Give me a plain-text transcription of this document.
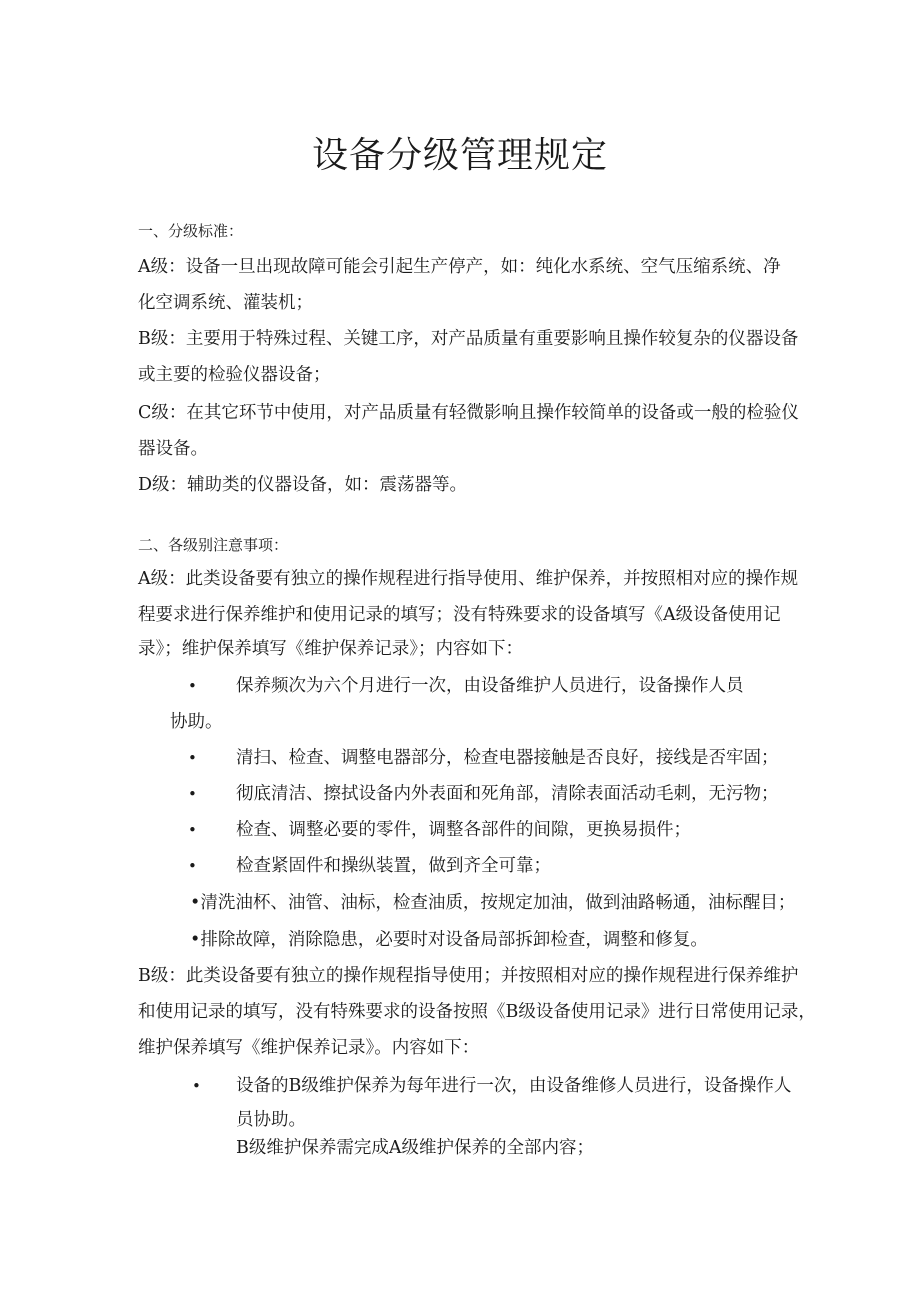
设备分级管理规定
一、分级标准：
A级：设备一旦出现故障可能会引起生产停产，如：纯化水系统、空气压缩系统、净
化空调系统、灌装机；
B级：主要用于特殊过程、关键工序，对产品质量有重要影响且操作较复杂的仪器设备
或主要的检验仪器设备；
C级：在其它环节中使用，对产品质量有轻微影响且操作较简单的设备或一般的检验仪
器设备。
D级：辅助类的仪器设备，如：震荡器等。
二、各级别注意事项：
A级：此类设备要有独立的操作规程进行指导使用、维护保养，并按照相对应的操作规
程要求进行保养维护和使用记录的填写；没有特殊要求的设备填写《A级设备使用记
录》；维护保养填写《维护保养记录》；内容如下：
• 保养频次为六个月进行一次，由设备维护人员进行，设备操作人员
协助。
• 清扫、检查、调整电器部分，检查电器接触是否良好，接线是否牢固；
• 彻底清洁、擦拭设备内外表面和死角部，清除表面活动毛刺，无污物；
• 检查、调整必要的零件，调整各部件的间隙，更换易损件；
• 检查紧固件和操纵装置，做到齐全可靠；
•清洗油杯、油管、油标，检查油质，按规定加油，做到油路畅通，油标醒目；
•排除故障，消除隐患，必要时对设备局部拆卸检查，调整和修复。
B级：此类设备要有独立的操作规程指导使用；并按照相对应的操作规程进行保养维护
和使用记录的填写，没有特殊要求的设备按照《B级设备使用记录》进行日常使用记录，
维护保养填写《维护保养记录》。内容如下：
• 设备的B级维护保养为每年进行一次，由设备维修人员进行，设备操作人
员协助。
B级维护保养需完成A级维护保养的全部内容；
